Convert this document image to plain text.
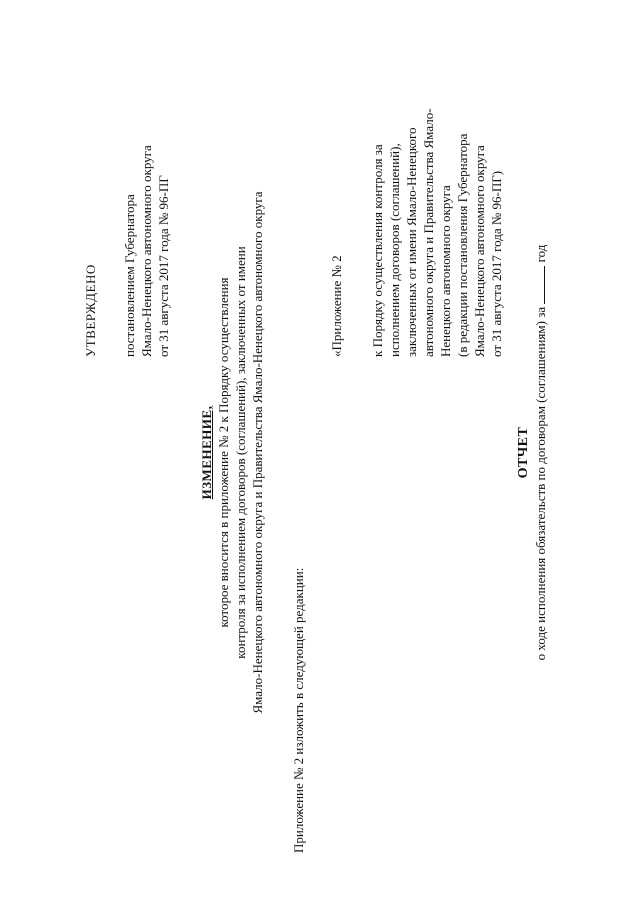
УТВЕРЖДЕНО постановлением Губернатора Ямало-Ненецкого автономного округа от 31 августа 2017 года № 96-ПГ
ИЗМЕНЕНИЕ, которое вносится в приложение № 2 к Порядку осуществления контроля за исполнением договоров (соглашений), заключенных от имени Ямало-Ненецкого автономного округа и Правительства Ямало-Ненецкого автономного округа Приложение № 2 изложить в следующей редакции:
«Приложение № 2 к Порядку осуществления контроля за исполнением договоров (соглашений), заключенных от имени Ямало-Ненецкого автономного округа и Правительства Ямало- Ненецкого автономного округа (в редакции постановления Губернатора Ямало-Ненецкого автономного округа от 31 августа 2017 года № 96-ПГ)
ОТЧЕТ о ходе исполнения обязательств по договорам (соглашениям) за  год
